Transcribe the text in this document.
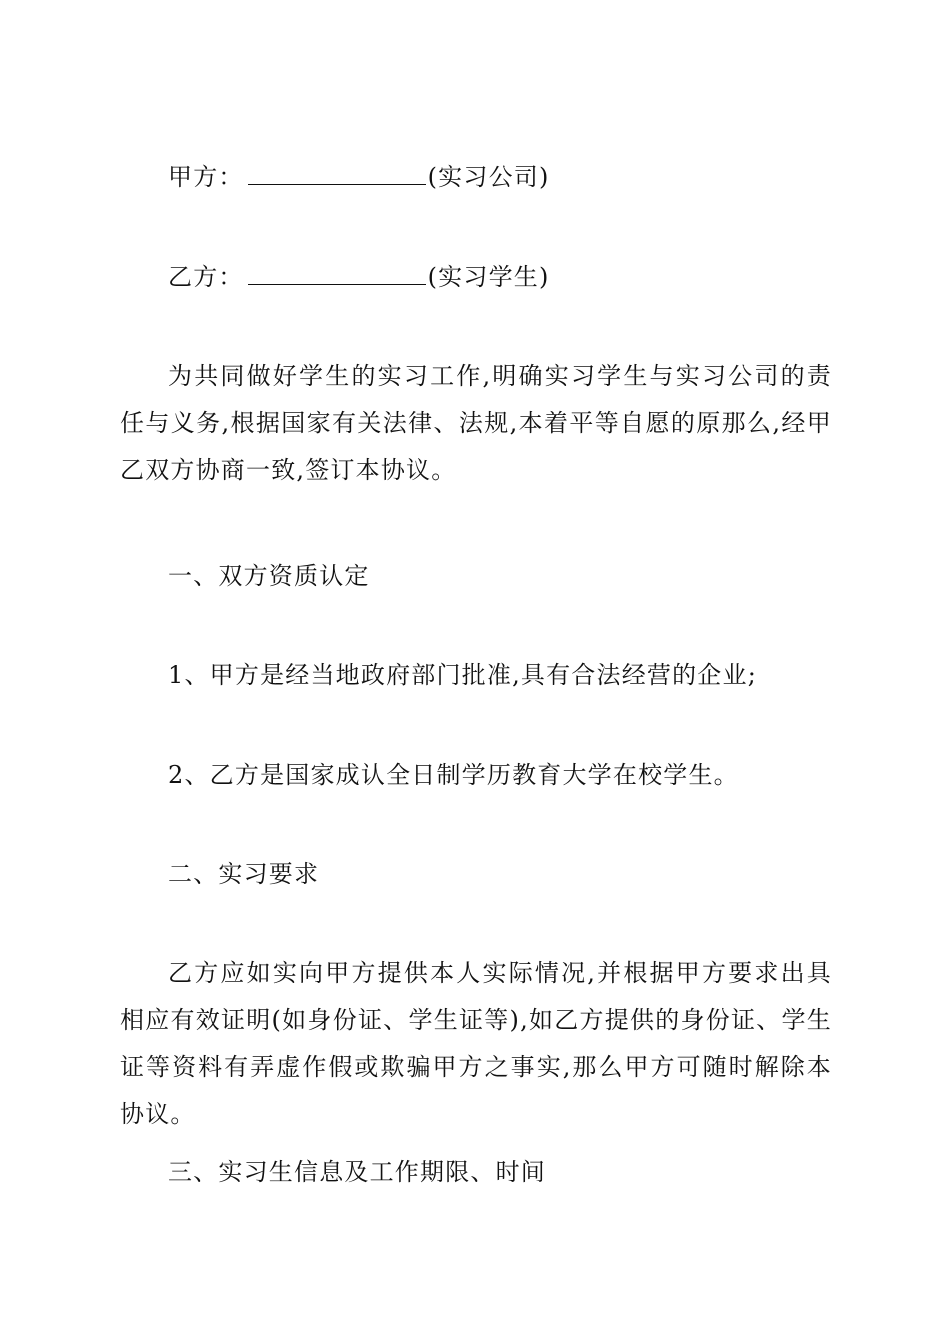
甲方：	(实习公司)
乙方：	(实习学生)

为共同做好学生的实习工作,明确实习学生与实习公司的责任与义务,根据国家有关法律、法规,本着平等自愿的原那么,经甲乙双方协商一致,签订本协议。

一、双方资质认定

1、甲方是经当地政府部门批准,具有合法经营的企业;

2、乙方是国家成认全日制学历教育大学在校学生。

二、实习要求

乙方应如实向甲方提供本人实际情况,并根据甲方要求出具相应有效证明(如身份证、学生证等),如乙方提供的身份证、学生证等资料有弄虚作假或欺骗甲方之事实,那么甲方可随时解除本协议。

三、实习生信息及工作期限、时间
